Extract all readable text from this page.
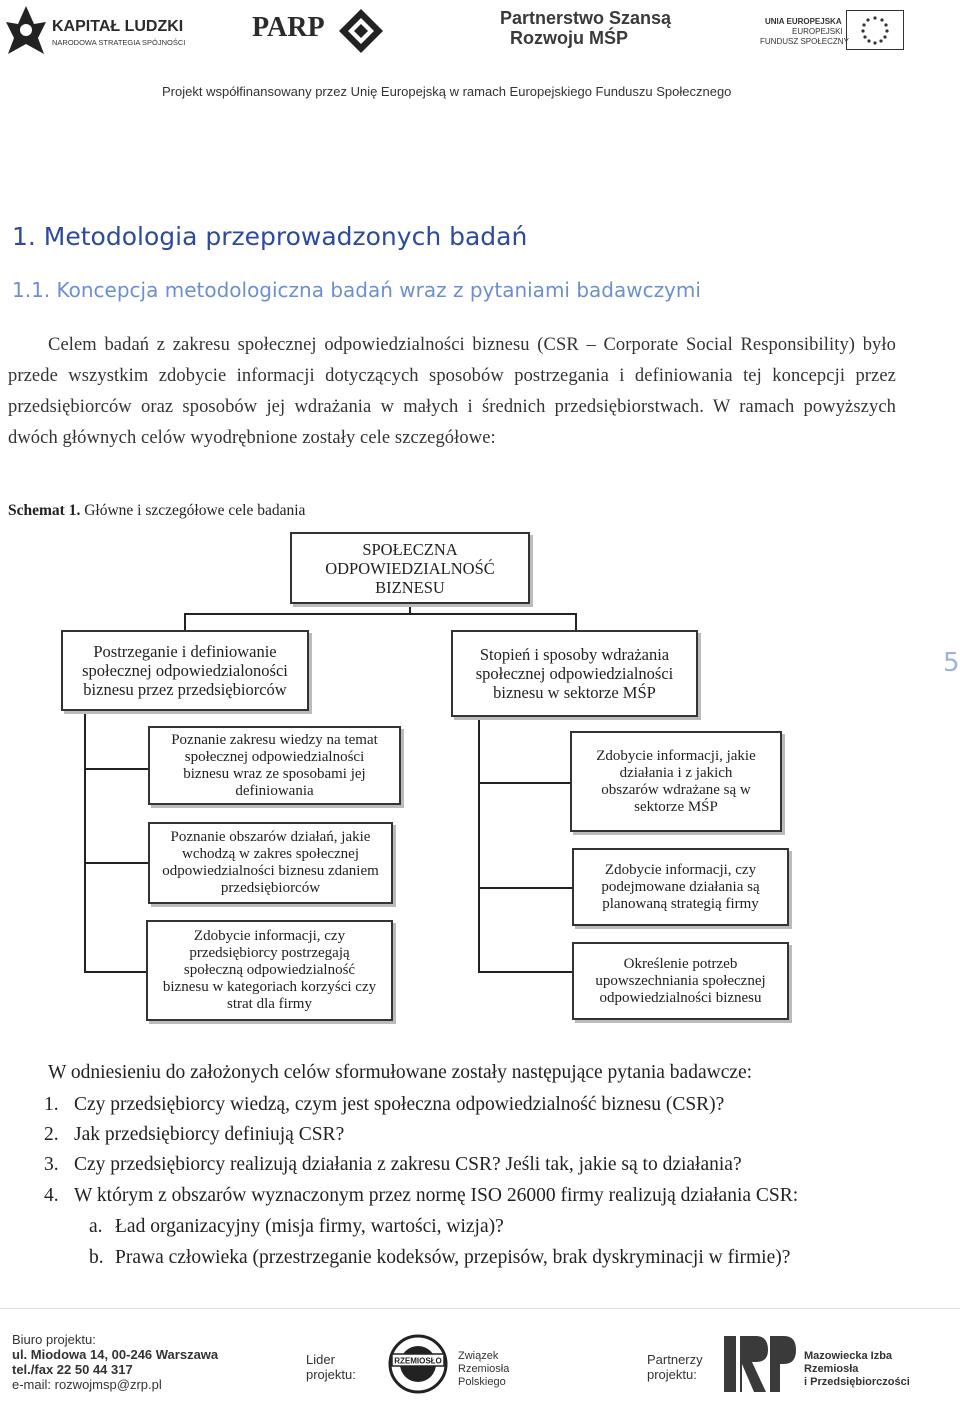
KAPITAŁ LUDZKI
NARODOWA STRATEGIA SPÓJNOŚCI PARP	Partnerstwo Szansą
Rozwoju MŚP
UNIA EUROPEJSKA
EUROPEJSKI
FUNDUSZ SPOŁECZNY
Projekt współfinansowany przez Unię Europejską w ramach Europejskiego Funduszu Społecznego
1. Metodologia przeprowadzonych badań
1.1. Koncepcja metodologiczna badań wraz z pytaniami badawczymi

Celem badań z zakresu społecznej odpowiedzialności biznesu (CSR – Corporate Social Responsibility) było przede wszystkim zdobycie informacji dotyczących sposobów postrzegania i definiowania tej koncepcji przez przedsiębiorców oraz sposobów jej wdrażania w małych i średnich przedsiębiorstwach. W ramach powyższych dwóch głównych celów wyodrębnione zostały cele szczegółowe:

Schemat 1. Główne i szczegółowe cele badania
SPOŁECZNA ODPOWIEDZIALNOŚĆ BIZNESU
Postrzeganie i definiowanie społecznej odpowiedzialoności biznesu przez przedsiębiorców
Stopień i sposoby wdrażania społecznej odpowiedzialności biznesu w sektorze MŚP
Poznanie zakresu wiedzy na temat społecznej odpowiedzialności biznesu wraz ze sposobami jej definiowania
Poznanie obszarów działań, jakie wchodzą w zakres społecznej odpowiedzialności biznesu zdaniem przedsiębiorców
Zdobycie informacji, czy przedsiębiorcy postrzegają społeczną odpowiedzialność biznesu w kategoriach korzyści czy strat dla firmy
Zdobycie informacji, jakie działania i z jakich obszarów wdrażane są w sektorze MŚP
Zdobycie informacji, czy podejmowane działania są planowaną strategią firmy
Określenie potrzeb upowszechniania społecznej odpowiedzialności biznesu
5
W odniesieniu do założonych celów sformułowane zostały następujące pytania badawcze:
1. Czy przedsiębiorcy wiedzą, czym jest społeczna odpowiedzialność biznesu (CSR)?
2. Jak przedsiębiorcy definiują CSR?
3. Czy przedsiębiorcy realizują działania z zakresu CSR? Jeśli tak, jakie są to działania?
4. W którym z obszarów wyznaczonym przez normę ISO 26000 firmy realizują działania CSR:
a. Ład organizacyjny (misja firmy, wartości, wizja)?
b. Prawa człowieka (przestrzeganie kodeksów, przepisów, brak dyskryminacji w firmie)?
Biuro projektu:
ul. Miodowa 14, 00-246 Warszawa
tel./fax 22 50 44 317
e-mail: rozwojmsp@zrp.pl
Lider
projektu:
RZEMIOSŁO Związek
Rzemiosła
Polskiego
Partnerzy
projektu:
Mazowiecka Izba
Rzemiosła
i Przedsiębiorczości
